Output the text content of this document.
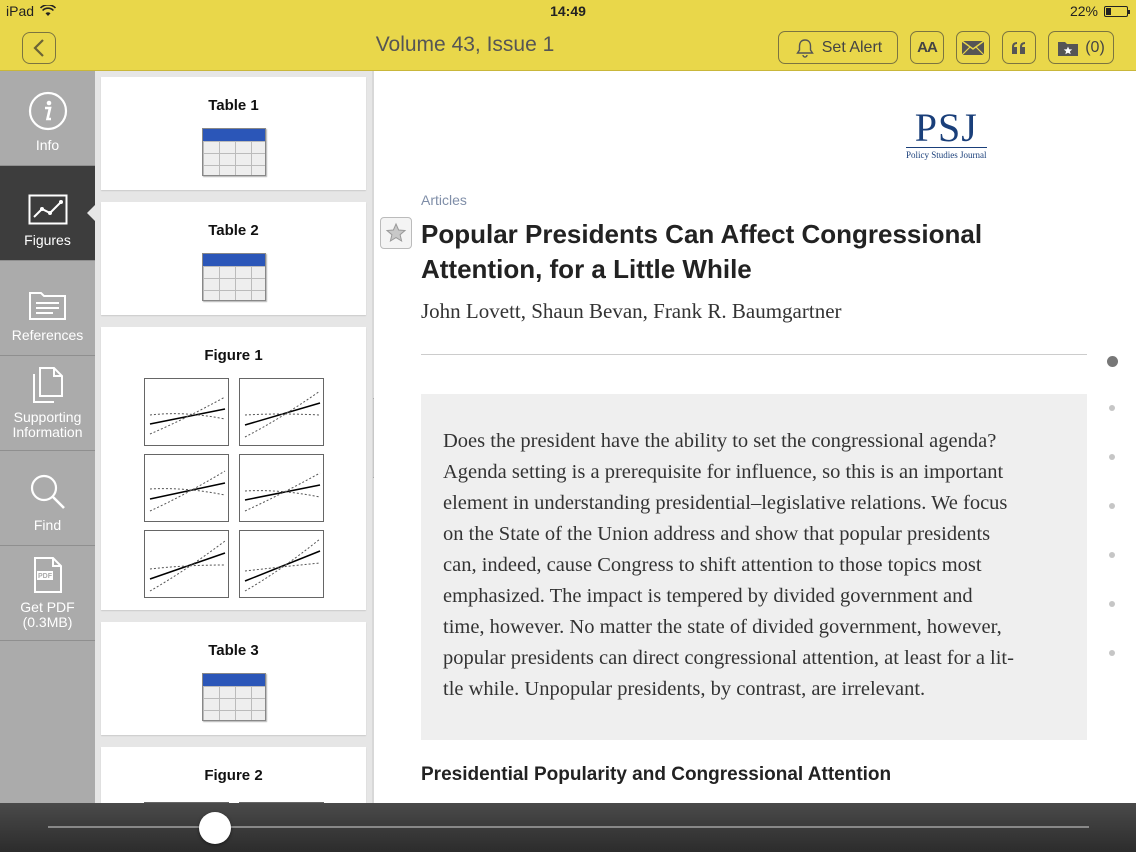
iPad	14:49	22%
Volume 43, Issue 1	Set Alert AA	(0)
Info
Figures
References
Supporting
Information
Find
PDF
Get PDF
(0.3MB)
Table 1
Table 2
Figure 1
Table 3
Figure 2
PSJ
Policy Studies Journal
Articles
Popular Presidents Can Affect Congressional Attention, for a Little While
John Lovett, Shaun Bevan, Frank R. Baumgartner
Does the president have the ability to set the congressional agenda?
Agenda setting is a prerequisite for influence, so this is an important
element in understanding presidential–legislative relations. We focus
on the State of the Union address and show that popular presidents
can, indeed, cause Congress to shift attention to those topics most
emphasized. The impact is tempered by divided government and
time, however. No matter the state of divided government, however,
popular presidents can direct congressional attention, at least for a lit-
tle while. Unpopular presidents, by contrast, are irrelevant.
Presidential Popularity and Congressional Attention
